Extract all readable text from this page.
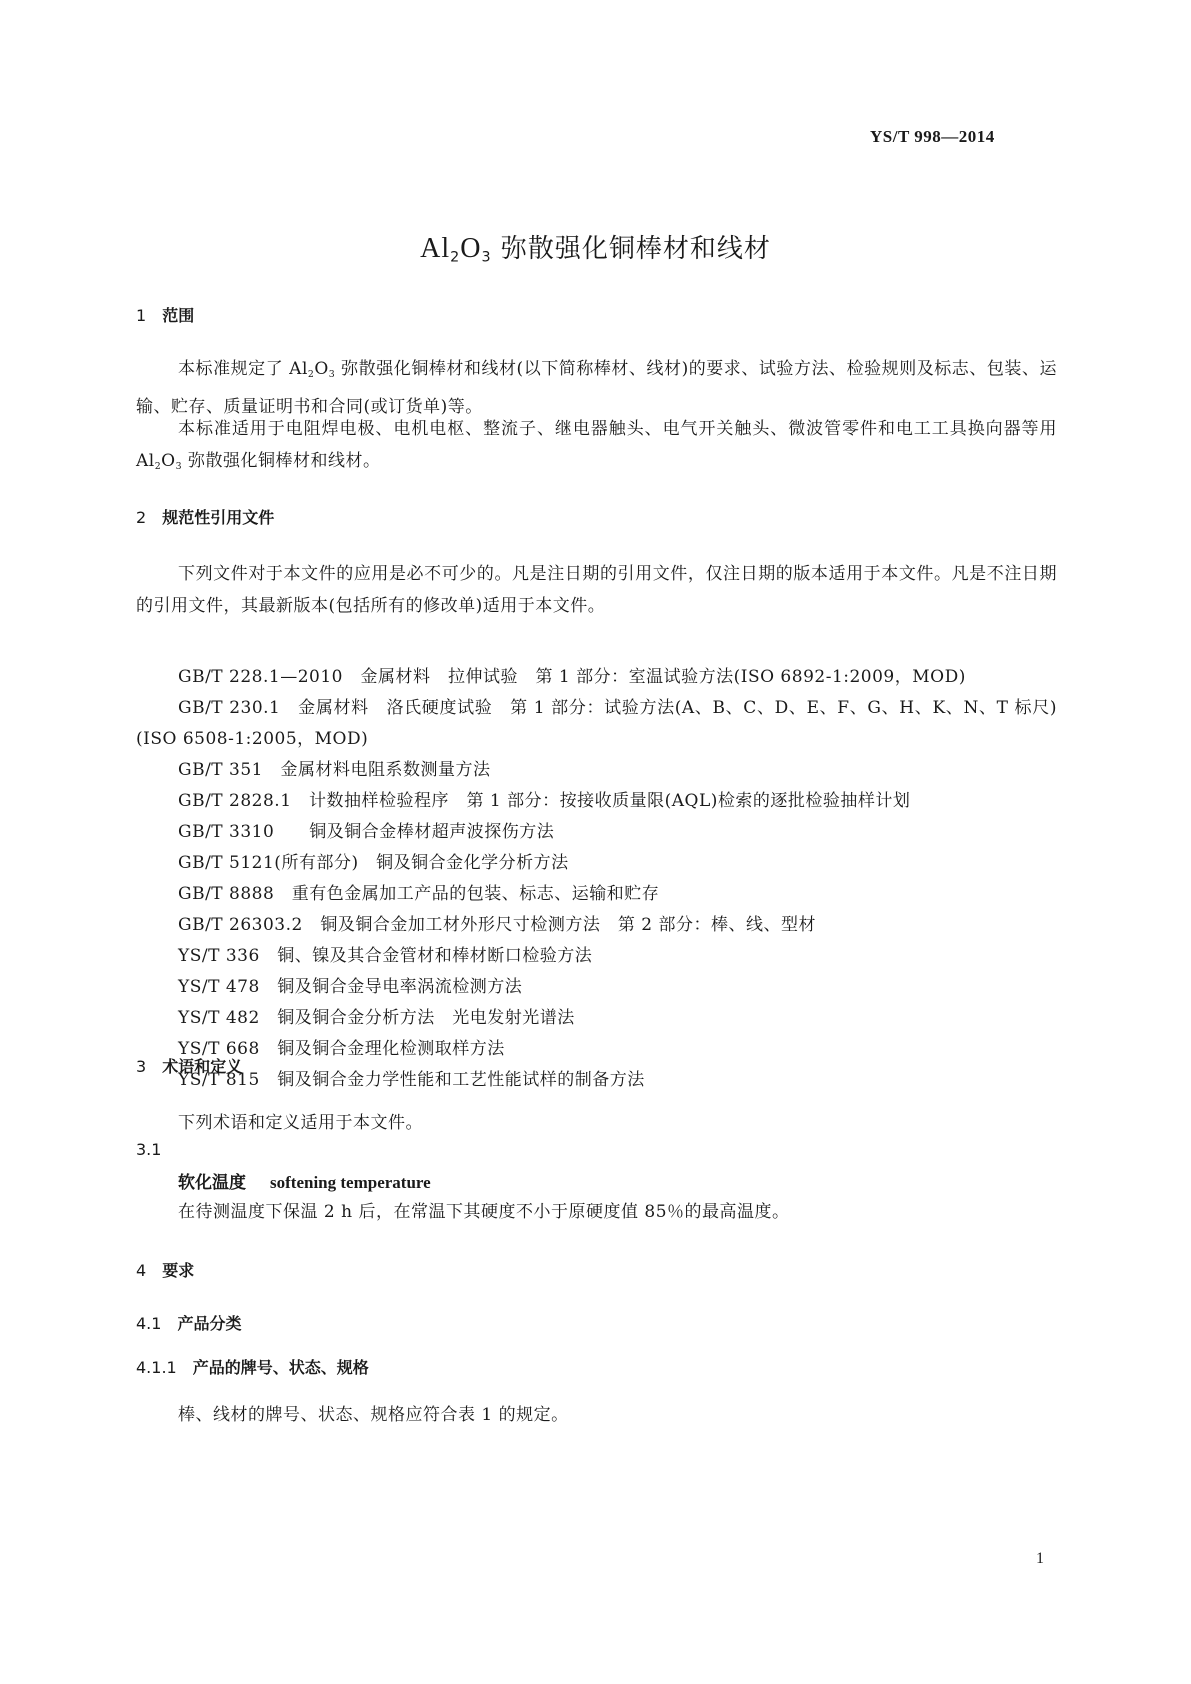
YS/T 998—2014
$Al_2O_3$ 弥散强化铜棒材和线材
1 范围
本标准规定了 $Al_2O_3$ 弥散强化铜棒材和线材(以下简称棒材、线材)的要求、试验方法、检验规则及标志、包装、运输、贮存、质量证明书和合同(或订货单)等。
本标准适用于电阻焊电极、电机电枢、整流子、继电器触头、电气开关触头、微波管零件和电工工具换向器等用 $Al_2O_3$ 弥散强化铜棒材和线材。
2 规范性引用文件
下列文件对于本文件的应用是必不可少的。凡是注日期的引用文件，仅注日期的版本适用于本文件。凡是不注日期的引用文件，其最新版本(包括所有的修改单)适用于本文件。
GB/T 228.1—2010　金属材料　拉伸试验　第 1 部分：室温试验方法(ISO 6892-1:2009，MOD)
GB/T 230.1　金属材料　洛氏硬度试验　第 1 部分：试验方法(A、B、C、D、E、F、G、H、K、N、T 标尺)(ISO 6508-1:2005，MOD)
GB/T 351　金属材料电阻系数测量方法
GB/T 2828.1　计数抽样检验程序　第 1 部分：按接收质量限(AQL)检索的逐批检验抽样计划
GB/T 3310　　铜及铜合金棒材超声波探伤方法
GB/T 5121(所有部分)　铜及铜合金化学分析方法
GB/T 8888　重有色金属加工产品的包装、标志、运输和贮存
GB/T 26303.2　铜及铜合金加工材外形尺寸检测方法　第 2 部分：棒、线、型材
YS/T 336　铜、镍及其合金管材和棒材断口检验方法
YS/T 478　铜及铜合金导电率涡流检测方法
YS/T 482　铜及铜合金分析方法　光电发射光谱法
YS/T 668　铜及铜合金理化检测取样方法
YS/T 815　铜及铜合金力学性能和工艺性能试样的制备方法
3 术语和定义
下列术语和定义适用于本文件。
3.1
软化温度 softening temperature
在待测温度下保温 2 h 后，在常温下其硬度不小于原硬度值 85％的最高温度。
4 要求
4.1 产品分类
4.1.1 产品的牌号、状态、规格
棒、线材的牌号、状态、规格应符合表 1 的规定。
1
